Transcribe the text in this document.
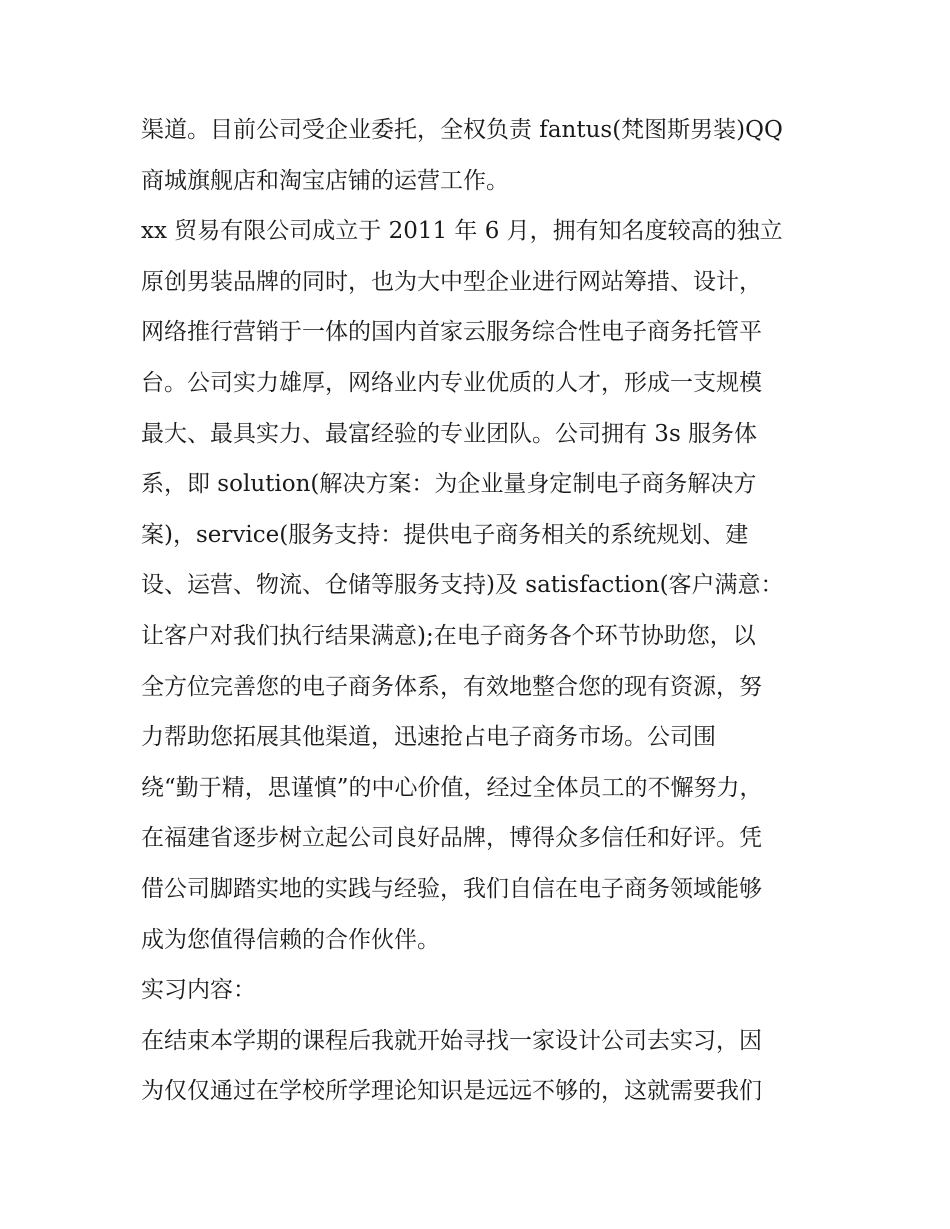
渠道。目前公司受企业委托，全权负责 fantus(梵图斯男装)QQ
商城旗舰店和淘宝店铺的运营工作。
xx 贸易有限公司成立于 2011 年 6 月，拥有知名度较高的独立
原创男装品牌的同时，也为大中型企业进行网站筹措、设计，
网络推行营销于一体的国内首家云服务综合性电子商务托管平
台。公司实力雄厚，网络业内专业优质的人才，形成一支规模
最大、最具实力、最富经验的专业团队。公司拥有 3s 服务体
系，即 solution(解决方案：为企业量身定制电子商务解决方
案)，service(服务支持：提供电子商务相关的系统规划、建
设、运营、物流、仓储等服务支持)及 satisfaction(客户满意：
让客户对我们执行结果满意);在电子商务各个环节协助您，以
全方位完善您的电子商务体系，有效地整合您的现有资源，努
力帮助您拓展其他渠道，迅速抢占电子商务市场。公司围
绕“勤于精，思谨慎”的中心价值，经过全体员工的不懈努力，
在福建省逐步树立起公司良好品牌，博得众多信任和好评。凭
借公司脚踏实地的实践与经验，我们自信在电子商务领域能够
成为您值得信赖的合作伙伴。
实习内容：
在结束本学期的课程后我就开始寻找一家设计公司去实习，因
为仅仅通过在学校所学理论知识是远远不够的，这就需要我们
